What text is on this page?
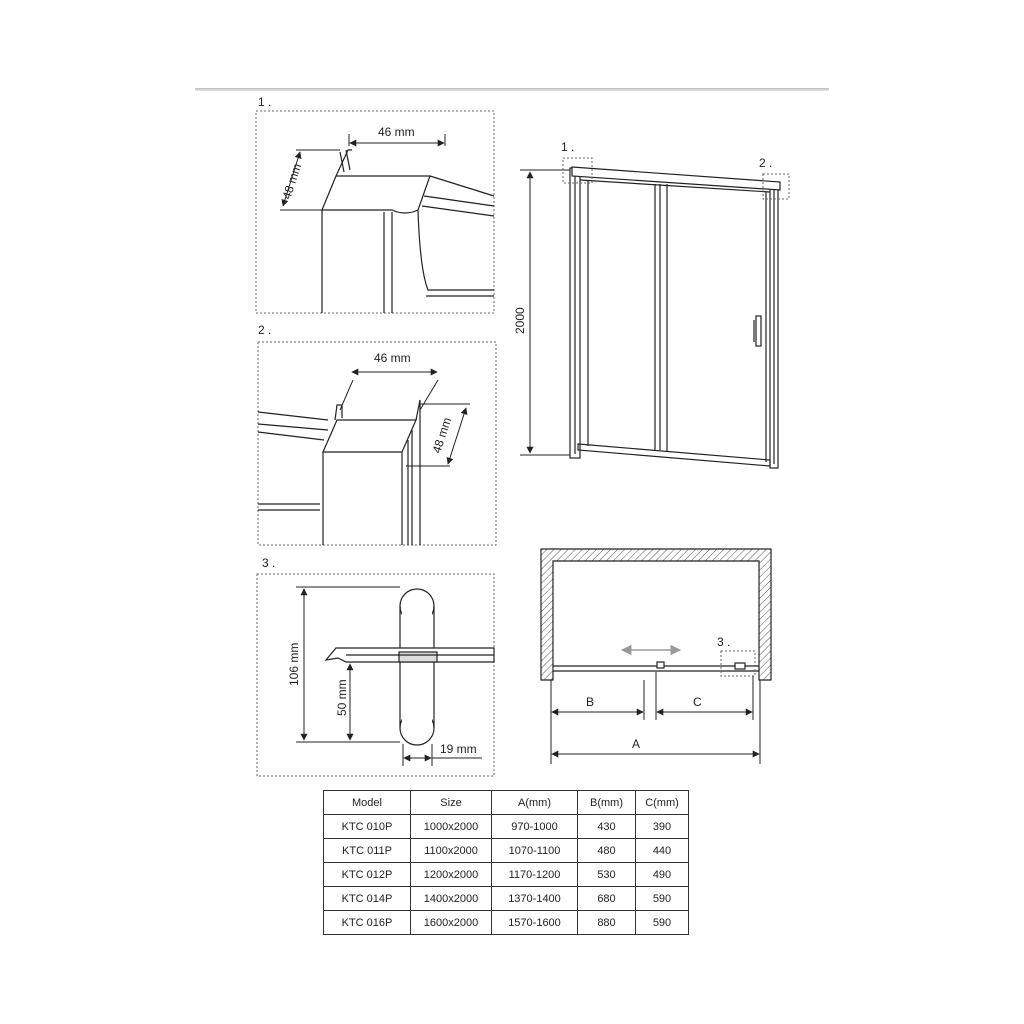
1 .
46 mm
48 mm
2 .
46 mm
48 mm
3 .
106 mm
50 mm
19 mm
2000
1 .
2 .
3 .
B	C
A
Model	Size	A(mm)	B(mm)	C(mm)
KTC 010P	1000x2000	970-1000	430	390
KTC 011P	1100x2000	1070-1100	480	440
KTC 012P	1200x2000	1170-1200	530	490
KTC 014P	1400x2000	1370-1400	680	590
KTC 016P	1600x2000	1570-1600	880	590
